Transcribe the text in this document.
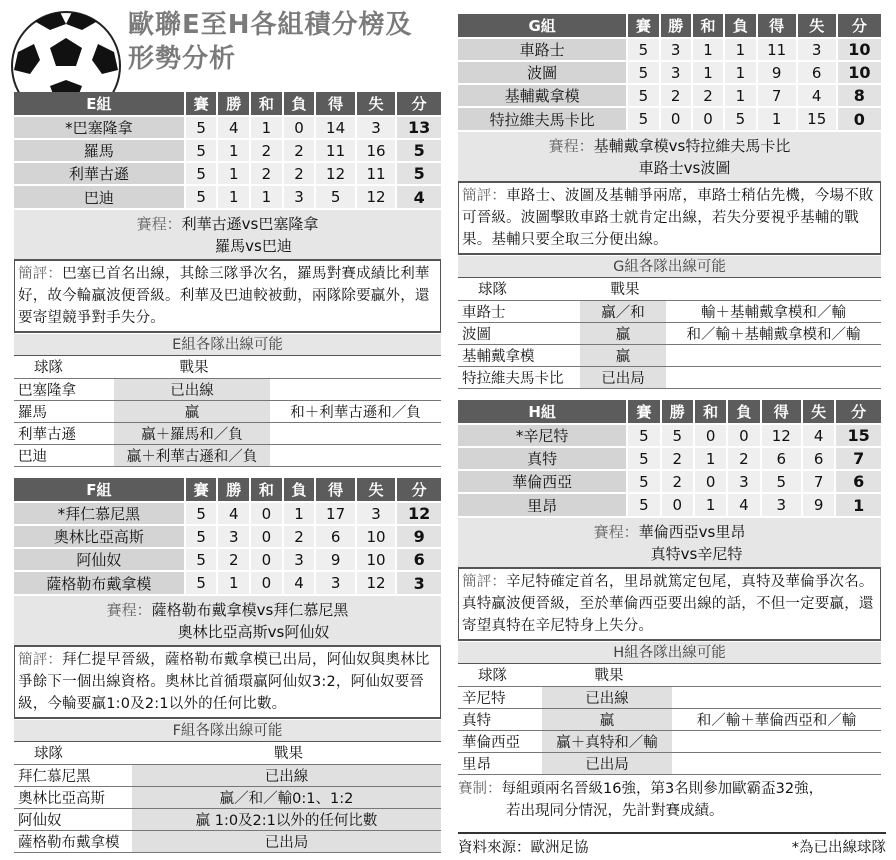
歐聯E至H各組積分榜及
形勢分析
E組	賽	勝	和	負	得	失	分
*巴塞隆拿	5	4	1	0	14	3	13
羅馬	5	1	2	2	11	16	5
利華古遜	5	1	2	2	12	11	5
巴迪	5	1	1	3	5	12	4
賽程：利華古遜vs巴塞隆拿
羅馬vs巴迪
簡評：巴塞已首名出線，其餘三隊爭次名，羅馬對賽成績比利華好，故今輪贏波便晉級。利華及巴迪較被動，兩隊除要贏外，還要寄望競爭對手失分。
E組各隊出線可能
球隊	戰果	
巴塞隆拿	已出線	
羅馬	贏	和＋利華古遜和／負
利華古遜	贏＋羅馬和／負	
巴迪	贏＋利華古遜和／負	
F組	賽	勝	和	負	得	失	分
*拜仁慕尼黑	5	4	0	1	17	3	12
奧林比亞高斯	5	3	0	2	6	10	9
阿仙奴	5	2	0	3	9	10	6
薩格勒布戴拿模	5	1	0	4	3	12	3
賽程：薩格勒布戴拿模vs拜仁慕尼黑
奧林比亞高斯vs阿仙奴
簡評：拜仁提早晉級，薩格勒布戴拿模已出局，阿仙奴與奧林比爭餘下一個出線資格。奧林比首循環贏阿仙奴3:2，阿仙奴要晉級，今輪要贏1:0及2:1以外的任何比數。
F組各隊出線可能
球隊	戰果
拜仁慕尼黑	已出線
奧林比亞高斯	贏／和／輸0:1、1:2
阿仙奴	贏 1:0及2:1以外的任何比數
薩格勒布戴拿模	已出局
G組	賽	勝	和	負	得	失	分
車路士	5	3	1	1	11	3	10
波圖	5	3	1	1	9	6	10
基輔戴拿模	5	2	2	1	7	4	8
特拉維夫馬卡比	5	0	0	5	1	15	0
賽程：基輔戴拿模vs特拉維夫馬卡比
車路士vs波圖
簡評：車路士、波圖及基輔爭兩席，車路士稍佔先機，今場不敗可晉級。波圖擊敗車路士就肯定出線，若失分要視乎基輔的戰果。基輔只要全取三分便出線。
G組各隊出線可能
球隊	戰果	
車路士	贏／和	輸＋基輔戴拿模和／輸
波圖	贏	和／輸＋基輔戴拿模和／輸
基輔戴拿模	贏	
特拉維夫馬卡比	已出局	
H組	賽	勝	和	負	得	失	分
*辛尼特	5	5	0	0	12	4	15
真特	5	2	1	2	6	6	7
華倫西亞	5	2	0	3	5	7	6
里昂	5	0	1	4	3	9	1
賽程：華倫西亞vs里昂
真特vs辛尼特
簡評：辛尼特確定首名，里昂就篤定包尾，真特及華倫爭次名。真特贏波便晉級，至於華倫西亞要出線的話，不但一定要贏，還寄望真特在辛尼特身上失分。
H組各隊出線可能
球隊	戰果	
辛尼特	已出線	
真特	贏	和／輸＋華倫西亞和／輸
華倫西亞	贏＋真特和／輸	
里昂	已出局	
賽制：每組頭兩名晉級16強，第3名則參加歐霸盃32強，
若出現同分情況，先計對賽成績。
資料來源：歐洲足協	*為已出線球隊
